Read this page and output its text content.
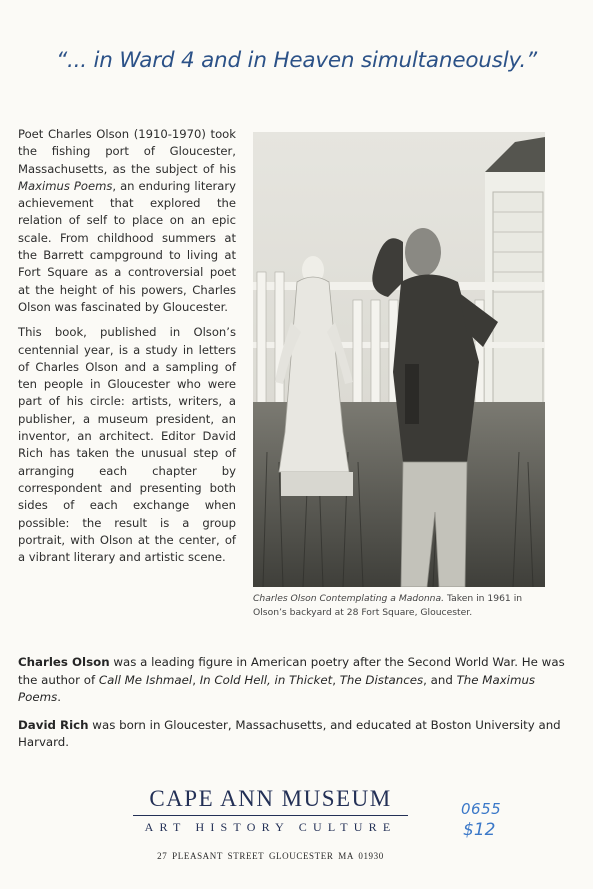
“... in Ward 4 and in Heaven simultaneously.”

Poet Charles Olson (1910-1970) took the fishing port of Gloucester, Massachusetts, as the subject of his Maximus Poems, an enduring literary achievement that explored the relation of self to place on an epic scale. From childhood summers at the Barrett campground to living at Fort Square as a controversial poet at the height of his powers, Charles Olson was fascinated by Gloucester.

This book, published in Olson’s centennial year, is a study in letters of Charles Olson and a sampling of ten people in Gloucester who were part of his circle: artists, writers, a publisher, a museum president, an inventor, an architect. Editor David Rich has taken the unusual step of arranging each chapter by correspondent and presenting both sides of each exchange when possible: the result is a group portrait, with Olson at the center, of a vibrant literary and artistic scene.

Charles Olson Contemplating a Madonna. Taken in 1961 in Olson’s backyard at 28 Fort Square, Gloucester.

Charles Olson was a leading figure in American poetry after the Second World War. He was the author of Call Me Ishmael, In Cold Hell, in Thicket, The Distances, and The Maximus Poems.

David Rich was born in Gloucester, Massachusetts, and educated at Boston University and Harvard.

CAPE ANN MUSEUM
ART HISTORY CULTURE
27 PLEASANT STREET GLOUCESTER MA 01930
0655
$12
